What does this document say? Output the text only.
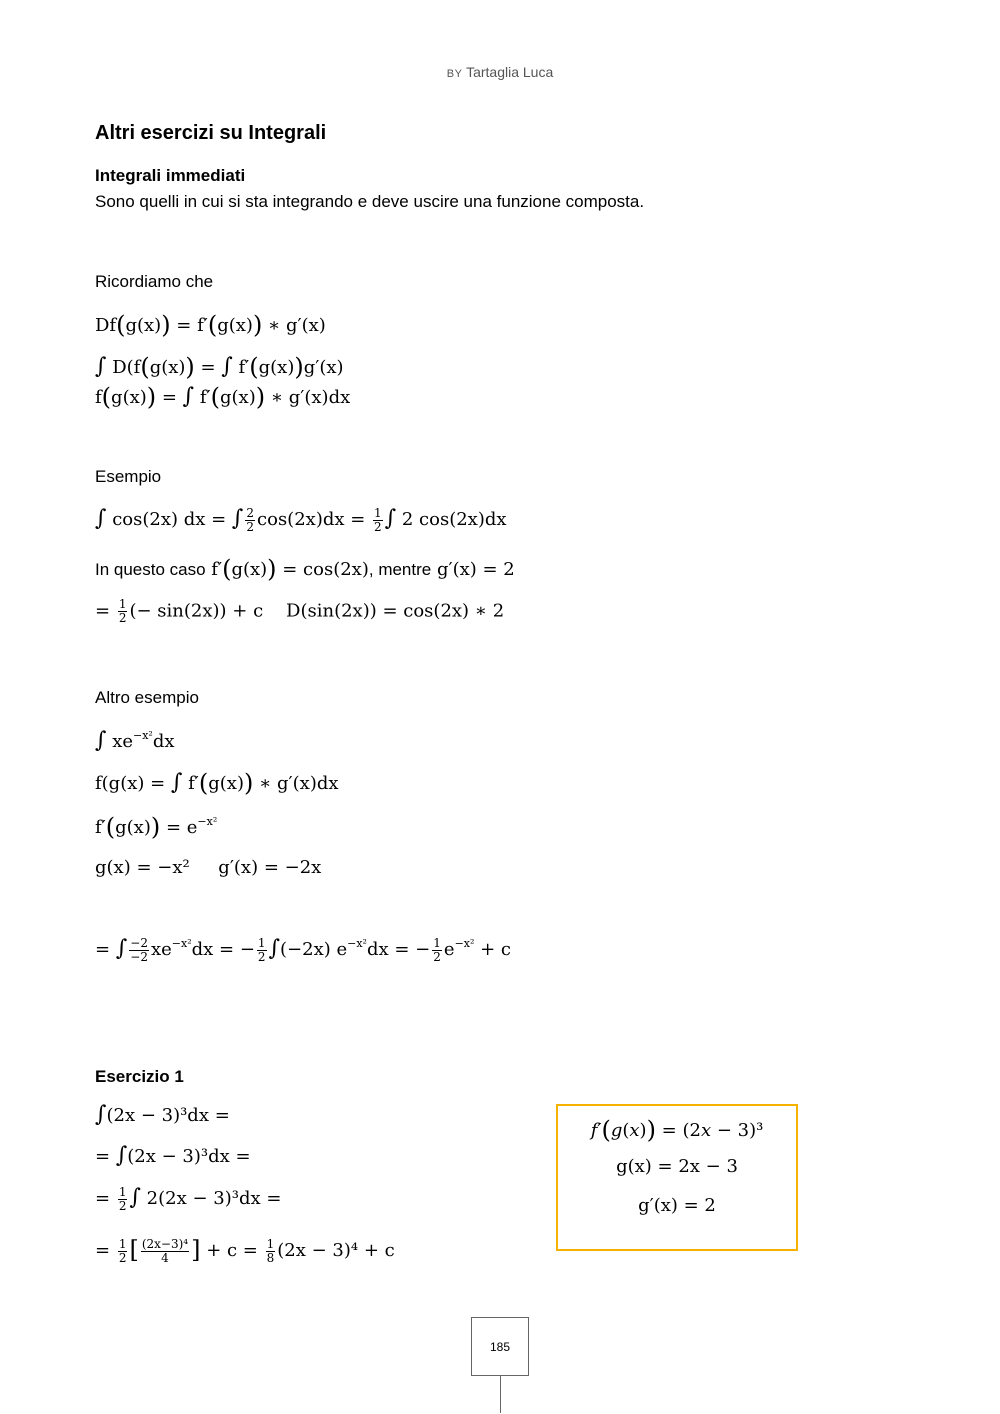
BY Tartaglia Luca
Altri esercizi su Integrali
Integrali immediati
Sono quelli in cui si sta integrando e deve uscire una funzione composta.
Ricordiamo che
Df(g(x)) = f′(g(x)) ∗ g′(x)
∫ D(f(g(x)) = ∫ f′(g(x))g′(x)
f(g(x)) = ∫ f′(g(x)) ∗ g′(x)dx
Esempio
∫ cos(2x) dx = ∫ $\frac{2}{2} \cos(2x)dx = \frac{1}{2}$ ∫ 2 cos(2x)dx
In questo caso f′(g(x)) = cos(2x), mentre g′(x) = 2
= $\frac{1}{2}$ (− sin(2x)) + c    D(sin(2x)) = cos(2x) ∗ 2
Altro esempio
∫ $xe^{-x^2}dx$
f(g(x) = ∫ f′(g(x)) ∗ g′(x)dx
$f'(g(x)) = e^{-x^2}$
g(x) = −x²     g′(x) = −2x
= ∫ $\frac{-2}{-2} xe^{-x^2}dx$ = − $\frac{1}{2} \int(-2x) e^{-x^2}dx$ = − $\frac{1}{2} e^{-x^2} + c$
Esercizio 1
∫(2x − 3)³dx =
= ∫(2x − 3)³dx =
= $\frac{1}{2}$ ∫ 2(2x − 3)³dx =
= $\frac{1}{2}$ [ $\frac{\text{(2x−3)⁴}}{4}$ ] + $c = \frac{1}{8} (2x - 3)^4 + c$
f′(g(x)) = (2x − 3)³
g(x) = 2x − 3
g′(x) = 2
185
